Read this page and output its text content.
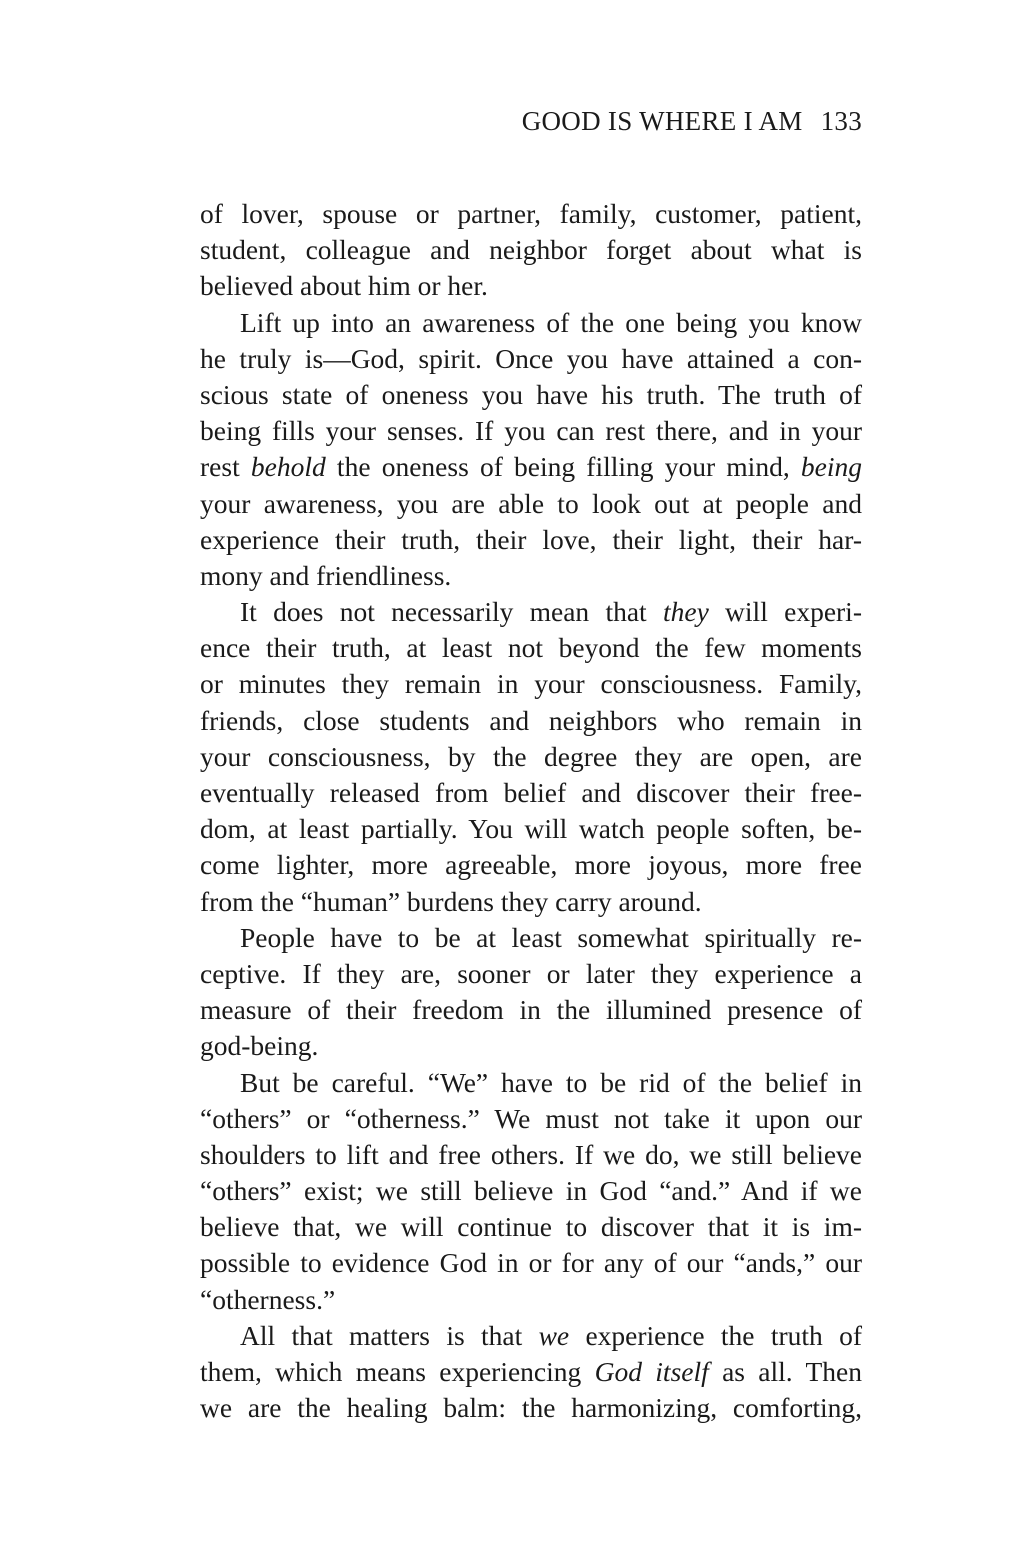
GOOD IS WHERE I AM 133
of lover, spouse or partner, family, customer, patient,
student, colleague and neighbor forget about what is
believed about him or her.
Lift up into an awareness of the one being you know
he truly is—God, spirit. Once you have attained a con-
scious state of oneness you have his truth. The truth of
being fills your senses. If you can rest there, and in your
rest behold the oneness of being filling your mind, being
your awareness, you are able to look out at people and
experience their truth, their love, their light, their har-
mony and friendliness.
It does not necessarily mean that they will experi-
ence their truth, at least not beyond the few moments
or minutes they remain in your consciousness. Family,
friends, close students and neighbors who remain in
your consciousness, by the degree they are open, are
eventually released from belief and discover their free-
dom, at least partially. You will watch people soften, be-
come lighter, more agreeable, more joyous, more free
from the “human” burdens they carry around.
People have to be at least somewhat spiritually re-
ceptive. If they are, sooner or later they experience a
measure of their freedom in the illumined presence of
god-being.
But be careful. “We” have to be rid of the belief in
“others” or “otherness.” We must not take it upon our
shoulders to lift and free others. If we do, we still believe
“others” exist; we still believe in God “and.” And if we
believe that, we will continue to discover that it is im-
possible to evidence God in or for any of our “ands,” our
“otherness.”
All that matters is that we experience the truth of
them, which means experiencing God itself as all. Then
we are the healing balm: the harmonizing, comforting,
